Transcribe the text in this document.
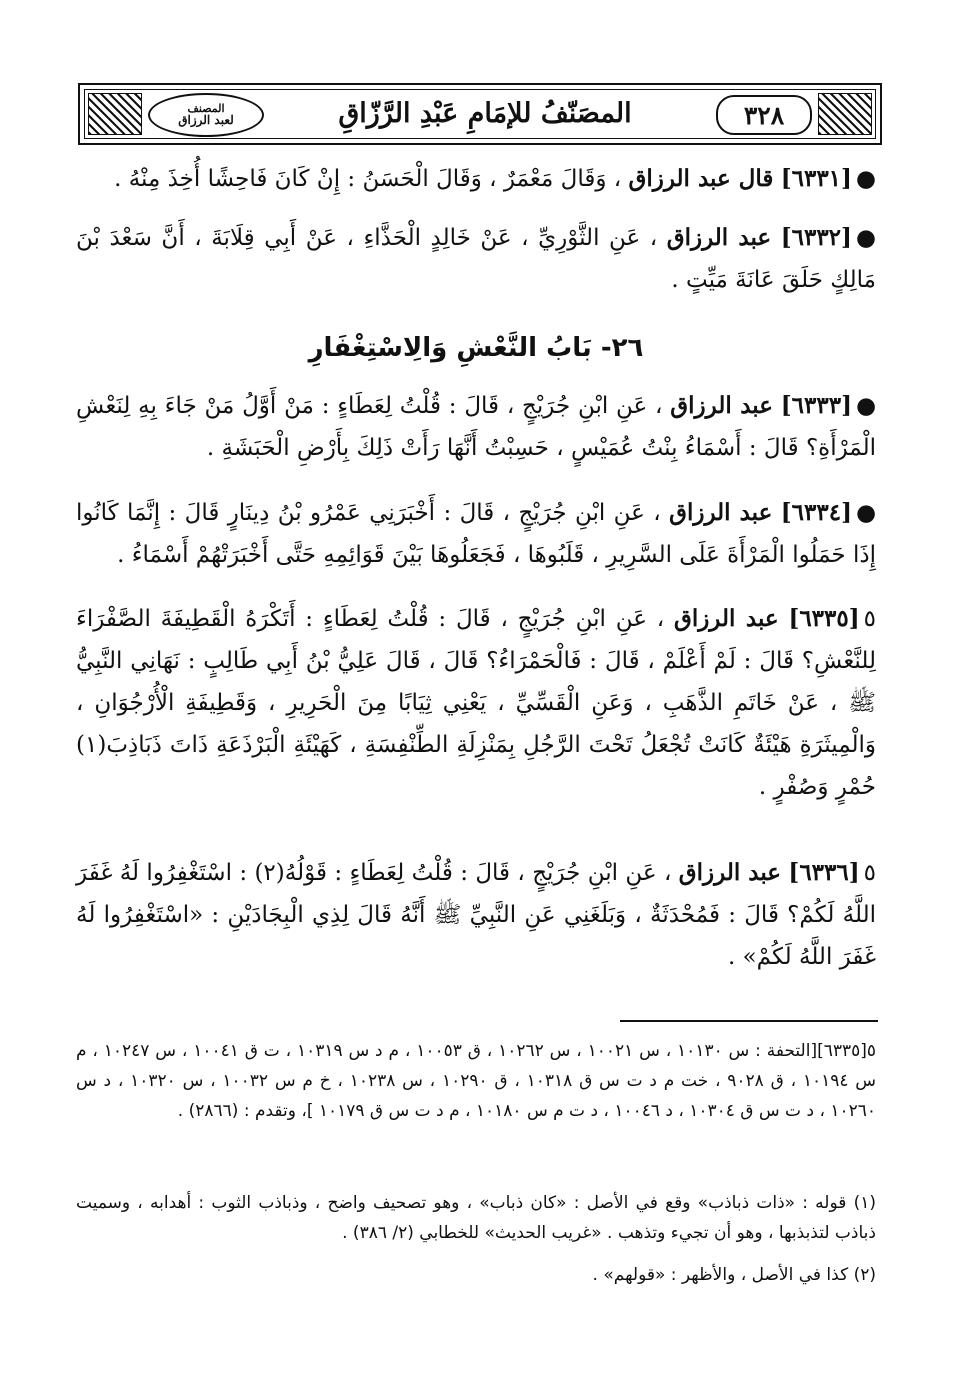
٣٢٨
المصَنّفُ للإمَامِ عَبْدِ الرَّزّاقِ
المصنف
لعبد الرزاق
●[٦٣٣١] قال عبد الرزاق ، وَقَالَ مَعْمَرٌ ، وَقَالَ الْحَسَنُ : إِنْ كَانَ فَاحِشًا أُخِذَ مِنْهُ .
●[٦٣٣٢] عبد الرزاق ، عَنِ الثَّوْرِيِّ ، عَنْ خَالِدٍ الْحَذَّاءِ ، عَنْ أَبِي قِلَابَةَ ، أَنَّ سَعْدَ بْنَ مَالِكٍ حَلَقَ عَانَةَ مَيِّتٍ .
٢٦- بَابُ النَّعْشِ وَالِاسْتِغْفَارِ
●[٦٣٣٣] عبد الرزاق ، عَنِ ابْنِ جُرَيْجٍ ، قَالَ : قُلْتُ لِعَطَاءٍ : مَنْ أَوَّلُ مَنْ جَاءَ بِهِ لِنَعْشِ الْمَرْأَةِ؟ قَالَ : أَسْمَاءُ بِنْتُ عُمَيْسٍ ، حَسِبْتُ أَنَّهَا رَأَتْ ذَلِكَ بِأَرْضِ الْحَبَشَةِ .
●[٦٣٣٤] عبد الرزاق ، عَنِ ابْنِ جُرَيْجٍ ، قَالَ : أَخْبَرَنِي عَمْرُو بْنُ دِينَارٍ قَالَ : إِنَّمَا كَانُوا إِذَا حَمَلُوا الْمَرْأَةَ عَلَى السَّرِيرِ ، قَلَبُوهَا ، فَجَعَلُوهَا بَيْنَ قَوَائِمِهِ حَتَّى أَخْبَرَتْهُمْ أَسْمَاءُ .
٥[٦٣٣٥] عبد الرزاق ، عَنِ ابْنِ جُرَيْجٍ ، قَالَ : قُلْتُ لِعَطَاءٍ : أَتَكْرَهُ الْقَطِيفَةَ الصَّفْرَاءَ لِلنَّعْشِ؟ قَالَ : لَمْ أَعْلَمْ ، قَالَ : فَالْحَمْرَاءُ؟ قَالَ ، قَالَ عَلِيُّ بْنُ أَبِي طَالِبٍ : نَهَانِي النَّبِيُّ ﷺ ، عَنْ خَاتَمِ الذَّهَبِ ، وَعَنِ الْقَسِّيِّ ، يَعْنِي ثِيَابًا مِنَ الْحَرِيرِ ، وَقَطِيفَةِ الْأُرْجُوَانِ ، وَالْمِيثَرَةِ هَيْئَةٌ كَانَتْ تُجْعَلُ تَحْتَ الرَّجُلِ بِمَنْزِلَةِ الطِّنْفِسَةِ ، كَهَيْئَةِ الْبَرْذَعَةِ ذَاتَ ذَبَاذِبَ(١) حُمْرٍ وَصُفْرٍ .
٥[٦٣٣٦] عبد الرزاق ، عَنِ ابْنِ جُرَيْجٍ ، قَالَ : قُلْتُ لِعَطَاءٍ : قَوْلُهُ(٢) : اسْتَغْفِرُوا لَهُ غَفَرَ اللَّهُ لَكُمْ؟ قَالَ : فَمُحْدَثَةٌ ، وَبَلَغَنِي عَنِ النَّبِيِّ ﷺ أَنَّهُ قَالَ لِذِي الْبِجَادَيْنِ : «اسْتَغْفِرُوا لَهُ غَفَرَ اللَّهُ لَكُمْ» .
٥[٦٣٣٥][التحفة : س ١٠١٣٠ ، س ١٠٠٢١ ، س ١٠٢٦٢ ، ق ١٠٠٥٣ ، م د س ١٠٣١٩ ، ت ق ١٠٠٤١ ، س ١٠٢٤٧ ، م س ١٠١٩٤ ، ق ٩٠٢٨ ، خت م د ت س ق ١٠٣١٨ ، ق ١٠٢٩٠ ، س ١٠٢٣٨ ، خ م س ١٠٠٣٢ ، س ١٠٣٢٠ ، د س ١٠٢٦٠ ، د ت س ق ١٠٣٠٤ ، د ١٠٠٤٦ ، د ت م س ١٠١٨٠ ، م د ت س ق ١٠١٧٩ ]، وتقدم : (٢٨٦٦) .
(١) قوله : «ذات ذباذب» وقع في الأصل : «كان ذباب» ، وهو تصحيف واضح ، وذباذب الثوب : أهدابه ، وسميت ذباذب لتذبذبها ، وهو أن تجيء وتذهب . «غريب الحديث» للخطابي (٢/ ٣٨٦) .
(٢) كذا في الأصل ، والأظهر : «قولهم» .
